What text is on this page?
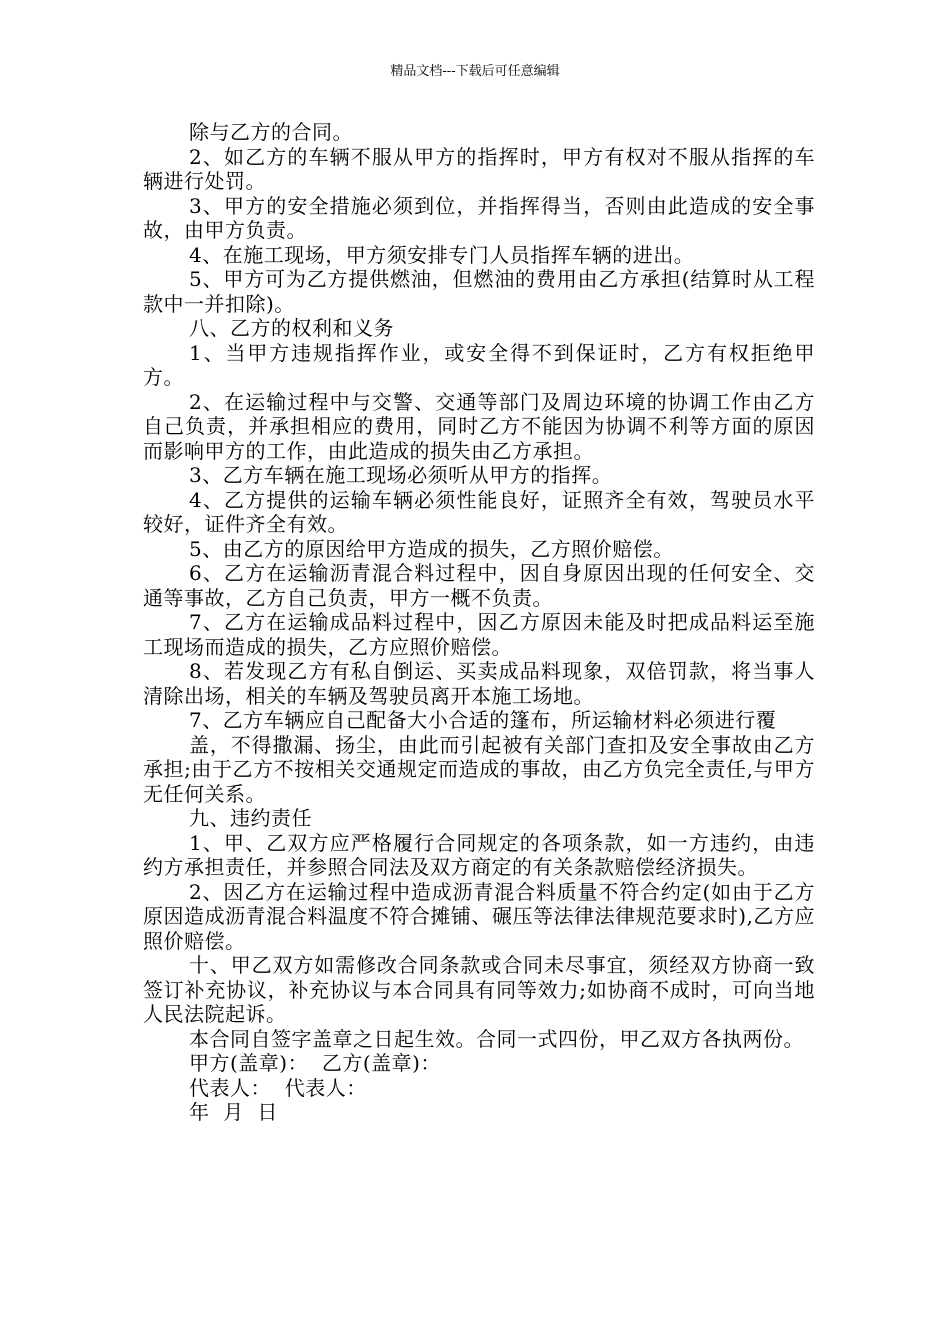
精品文档---下载后可任意编辑

除与乙方的合同。

2、如乙方的车辆不服从甲方的指挥时，甲方有权对不服从指挥的车辆进行处罚。

3、甲方的安全措施必须到位，并指挥得当，否则由此造成的安全事故，由甲方负责。

4、在施工现场，甲方须安排专门人员指挥车辆的进出。

5、甲方可为乙方提供燃油，但燃油的费用由乙方承担(结算时从工程款中一并扣除)。

八、乙方的权利和义务

1、当甲方违规指挥作业，或安全得不到保证时，乙方有权拒绝甲方。

2、在运输过程中与交警、交通等部门及周边环境的协调工作由乙方自己负责，并承担相应的费用，同时乙方不能因为协调不利等方面的原因而影响甲方的工作，由此造成的损失由乙方承担。

3、乙方车辆在施工现场必须听从甲方的指挥。

4、乙方提供的运输车辆必须性能良好，证照齐全有效，驾驶员水平较好，证件齐全有效。

5、由乙方的原因给甲方造成的损失，乙方照价赔偿。

6、乙方在运输沥青混合料过程中，因自身原因出现的任何安全、交通等事故，乙方自己负责，甲方一概不负责。

7、乙方在运输成品料过程中，因乙方原因未能及时把成品料运至施工现场而造成的损失，乙方应照价赔偿。

8、若发现乙方有私自倒运、买卖成品料现象，双倍罚款，将当事人清除出场，相关的车辆及驾驶员离开本施工场地。

7、乙方车辆应自己配备大小合适的篷布，所运输材料必须进行覆

盖，不得撒漏、扬尘，由此而引起被有关部门查扣及安全事故由乙方承担;由于乙方不按相关交通规定而造成的事故，由乙方负完全责任,与甲方无任何关系。

九、违约责任

1、甲、乙双方应严格履行合同规定的各项条款，如一方违约，由违约方承担责任，并参照合同法及双方商定的有关条款赔偿经济损失。

2、因乙方在运输过程中造成沥青混合料质量不符合约定(如由于乙方原因造成沥青混合料温度不符合摊铺、碾压等法律法律规范要求时),乙方应照价赔偿。

十、甲乙双方如需修改合同条款或合同未尽事宜，须经双方协商一致签订补充协议，补充协议与本合同具有同等效力;如协商不成时，可向当地人民法院起诉。

本合同自签字盖章之日起生效。合同一式四份，甲乙双方各执两份。

甲方(盖章)：  乙方(盖章)：

代表人：  代表人：

年  月  日
